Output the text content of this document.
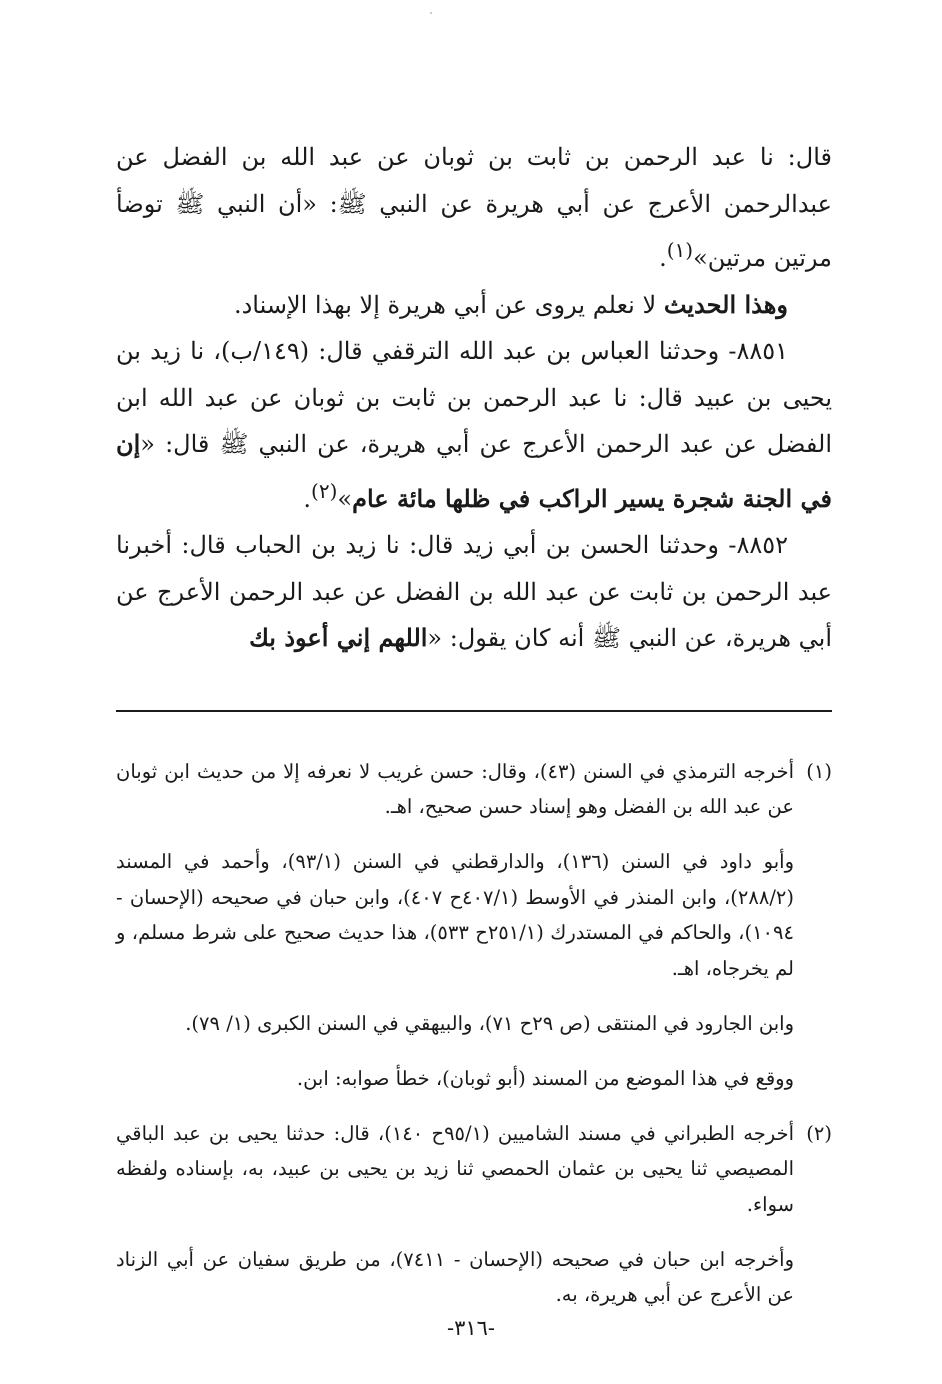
قال: نا عبد الرحمن بن ثابت بن ثوبان عن عبد الله بن الفضل عن عبدالرحمن الأعرج عن أبي هريرة عن النبي ﷺ: «أن النبي ﷺ توضأ مرتين مرتين»$^{(١)}$.

وهذا الحديث لا نعلم يروى عن أبي هريرة إلا بهذا الإسناد.

٨٨٥١- وحدثنا العباس بن عبد الله الترقفي قال: (١٤٩/ب)، نا زيد بن يحيى بن عبيد قال: نا عبد الرحمن بن ثابت بن ثوبان عن عبد الله ابن الفضل عن عبد الرحمن الأعرج عن أبي هريرة، عن النبي ﷺ قال: «إن في الجنة شجرة يسير الراكب في ظلها مائة عام»$^{(٢)}$.

٨٨٥٢- وحدثنا الحسن بن أبي زيد قال: نا زيد بن الحباب قال: أخبرنا عبد الرحمن بن ثابت عن عبد الله بن الفضل عن عبد الرحمن الأعرج عن أبي هريرة، عن النبي ﷺ أنه كان يقول: «اللهم إني أعوذ بك

(١)

أخرجه الترمذي في السنن (٤٣)، وقال: حسن غريب لا نعرفه إلا من حديث ابن ثوبان عن عبد الله بن الفضل وهو إسناد حسن صحيح، اهـ.

وأبو داود في السنن (١٣٦)، والدارقطني في السنن (٩٣/١)، وأحمد في المسند (٢٨٨/٢)، وابن المنذر في الأوسط (٤٠٧/١ح ٤٠٧)، وابن حبان في صحيحه (الإحسان - ١٠٩٤)، والحاكم في المستدرك (٢٥١/١ح ٥٣٣)، هذا حديث صحيح على شرط مسلم، و لم يخرجاه، اهـ.

وابن الجارود في المنتقى (ص ٢٩ح ٧١)، والبيهقي في السنن الكبرى (١/ ٧٩).

ووقع في هذا الموضع من المسند (أبو ثوبان)، خطأ صوابه: ابن.

(٢)

أخرجه الطبراني في مسند الشاميين (٩٥/١ح ١٤٠)، قال: حدثنا يحيى بن عبد الباقي المصيصي ثنا يحيى بن عثمان الحمصي ثنا زيد بن يحيى بن عبيد، به، بإسناده ولفظه سواء.

وأخرجه ابن حبان في صحيحه (الإحسان - ٧٤١١)، من طريق سفيان عن أبي الزناد عن الأعرج عن أبي هريرة، به.

-٣١٦-
